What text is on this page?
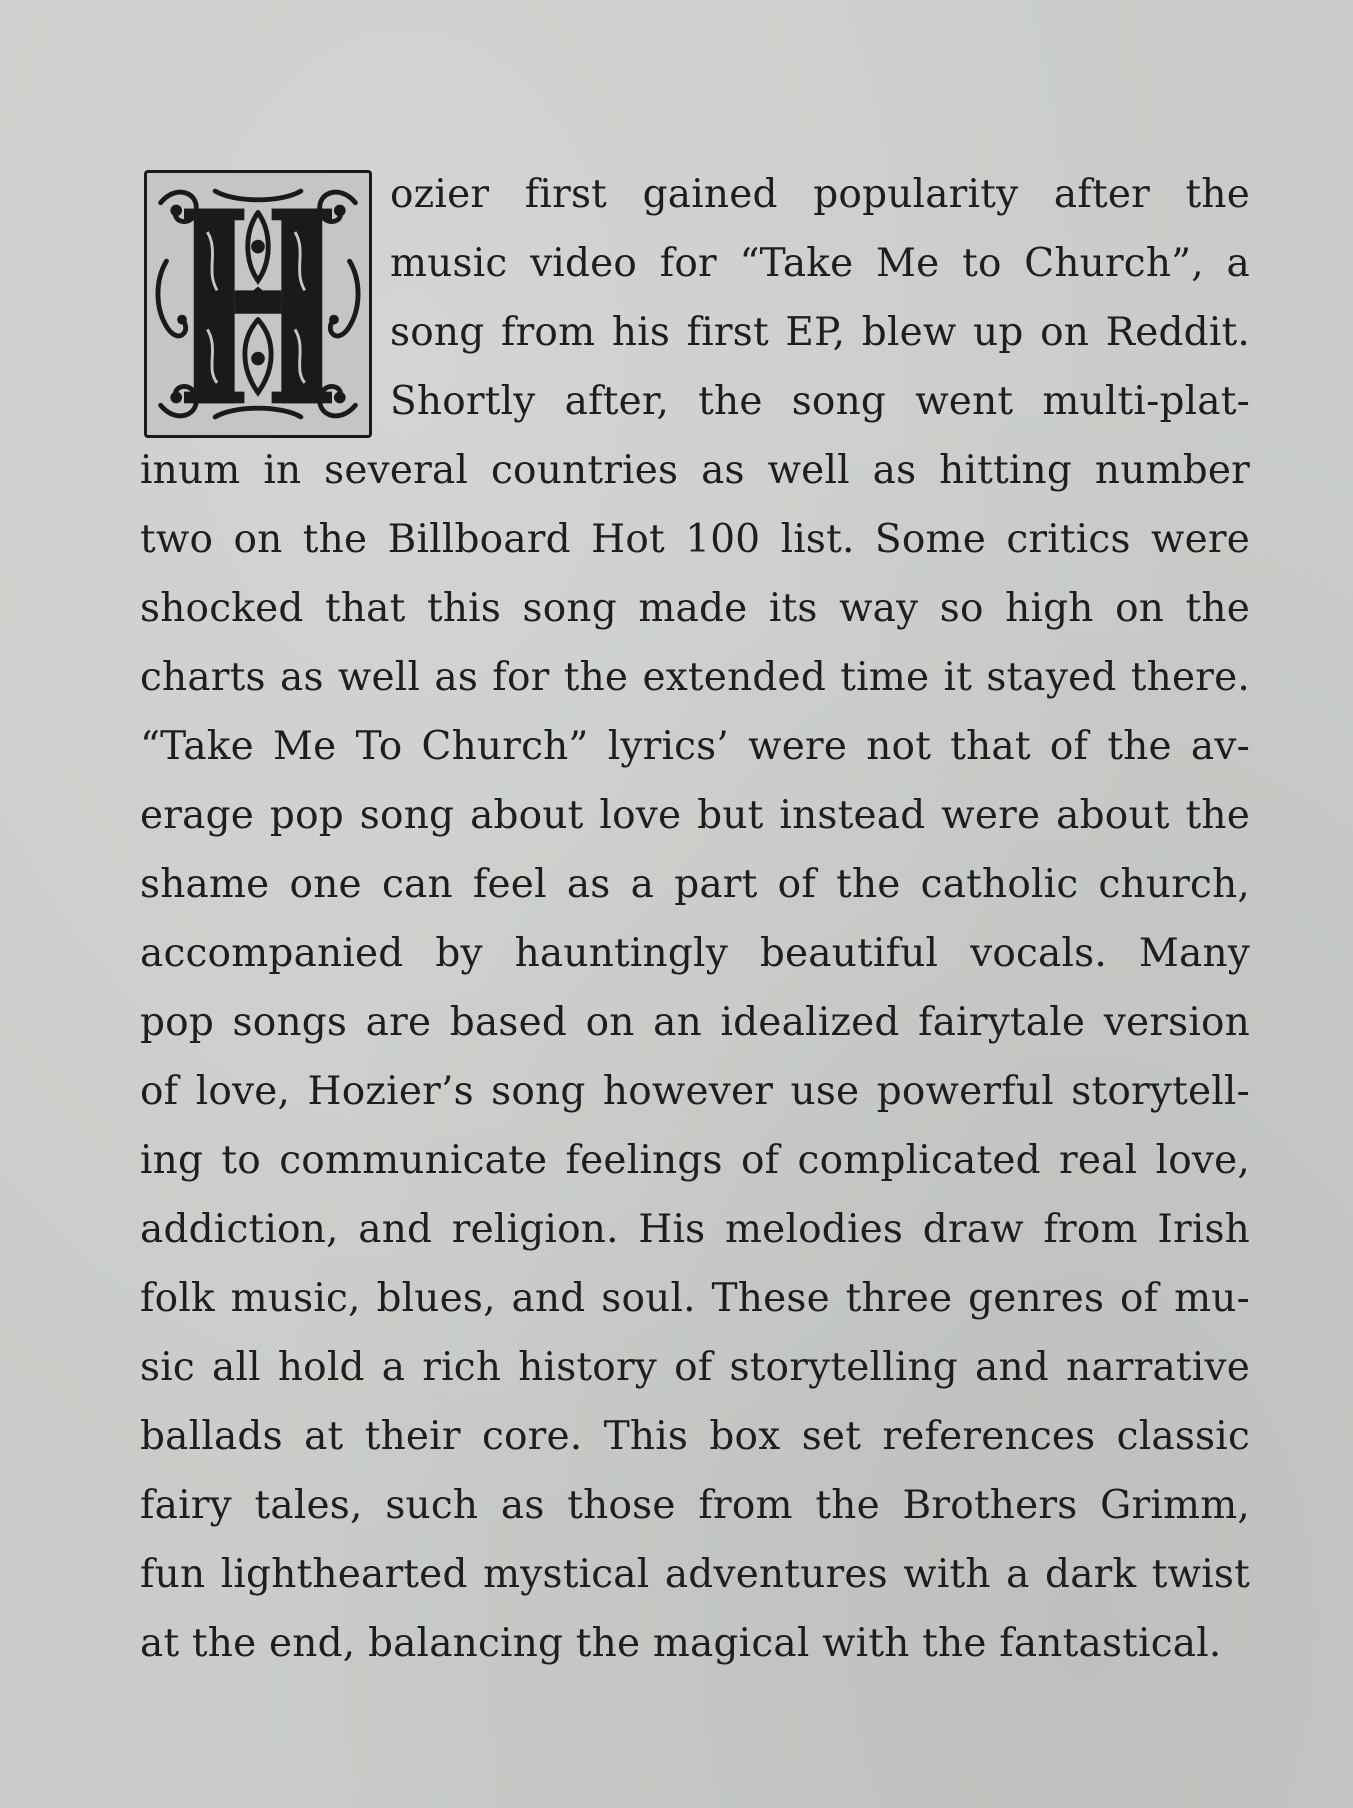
ozier first gained popularity after the
music video for “Take Me to Church”, a
song from his first EP, blew up on Reddit.
Shortly after, the song went multi-plat-
inum in several countries as well as hitting number
two on the Billboard Hot 100 list. Some critics were
shocked that this song made its way so high on the
charts as well as for the extended time it stayed there.
“Take Me To Church” lyrics’ were not that of the av-
erage pop song about love but instead were about the
shame one can feel as a part of the catholic church,
accompanied by hauntingly beautiful vocals. Many
pop songs are based on an idealized fairytale version
of love, Hozier’s song however use powerful storytell-
ing to communicate feelings of complicated real love,
addiction, and religion. His melodies draw from Irish
folk music, blues, and soul. These three genres of mu-
sic all hold a rich history of storytelling and narrative
ballads at their core. This box set references classic
fairy tales, such as those from the Brothers Grimm,
fun lighthearted mystical adventures with a dark twist
at the end, balancing the magical with the fantastical.
